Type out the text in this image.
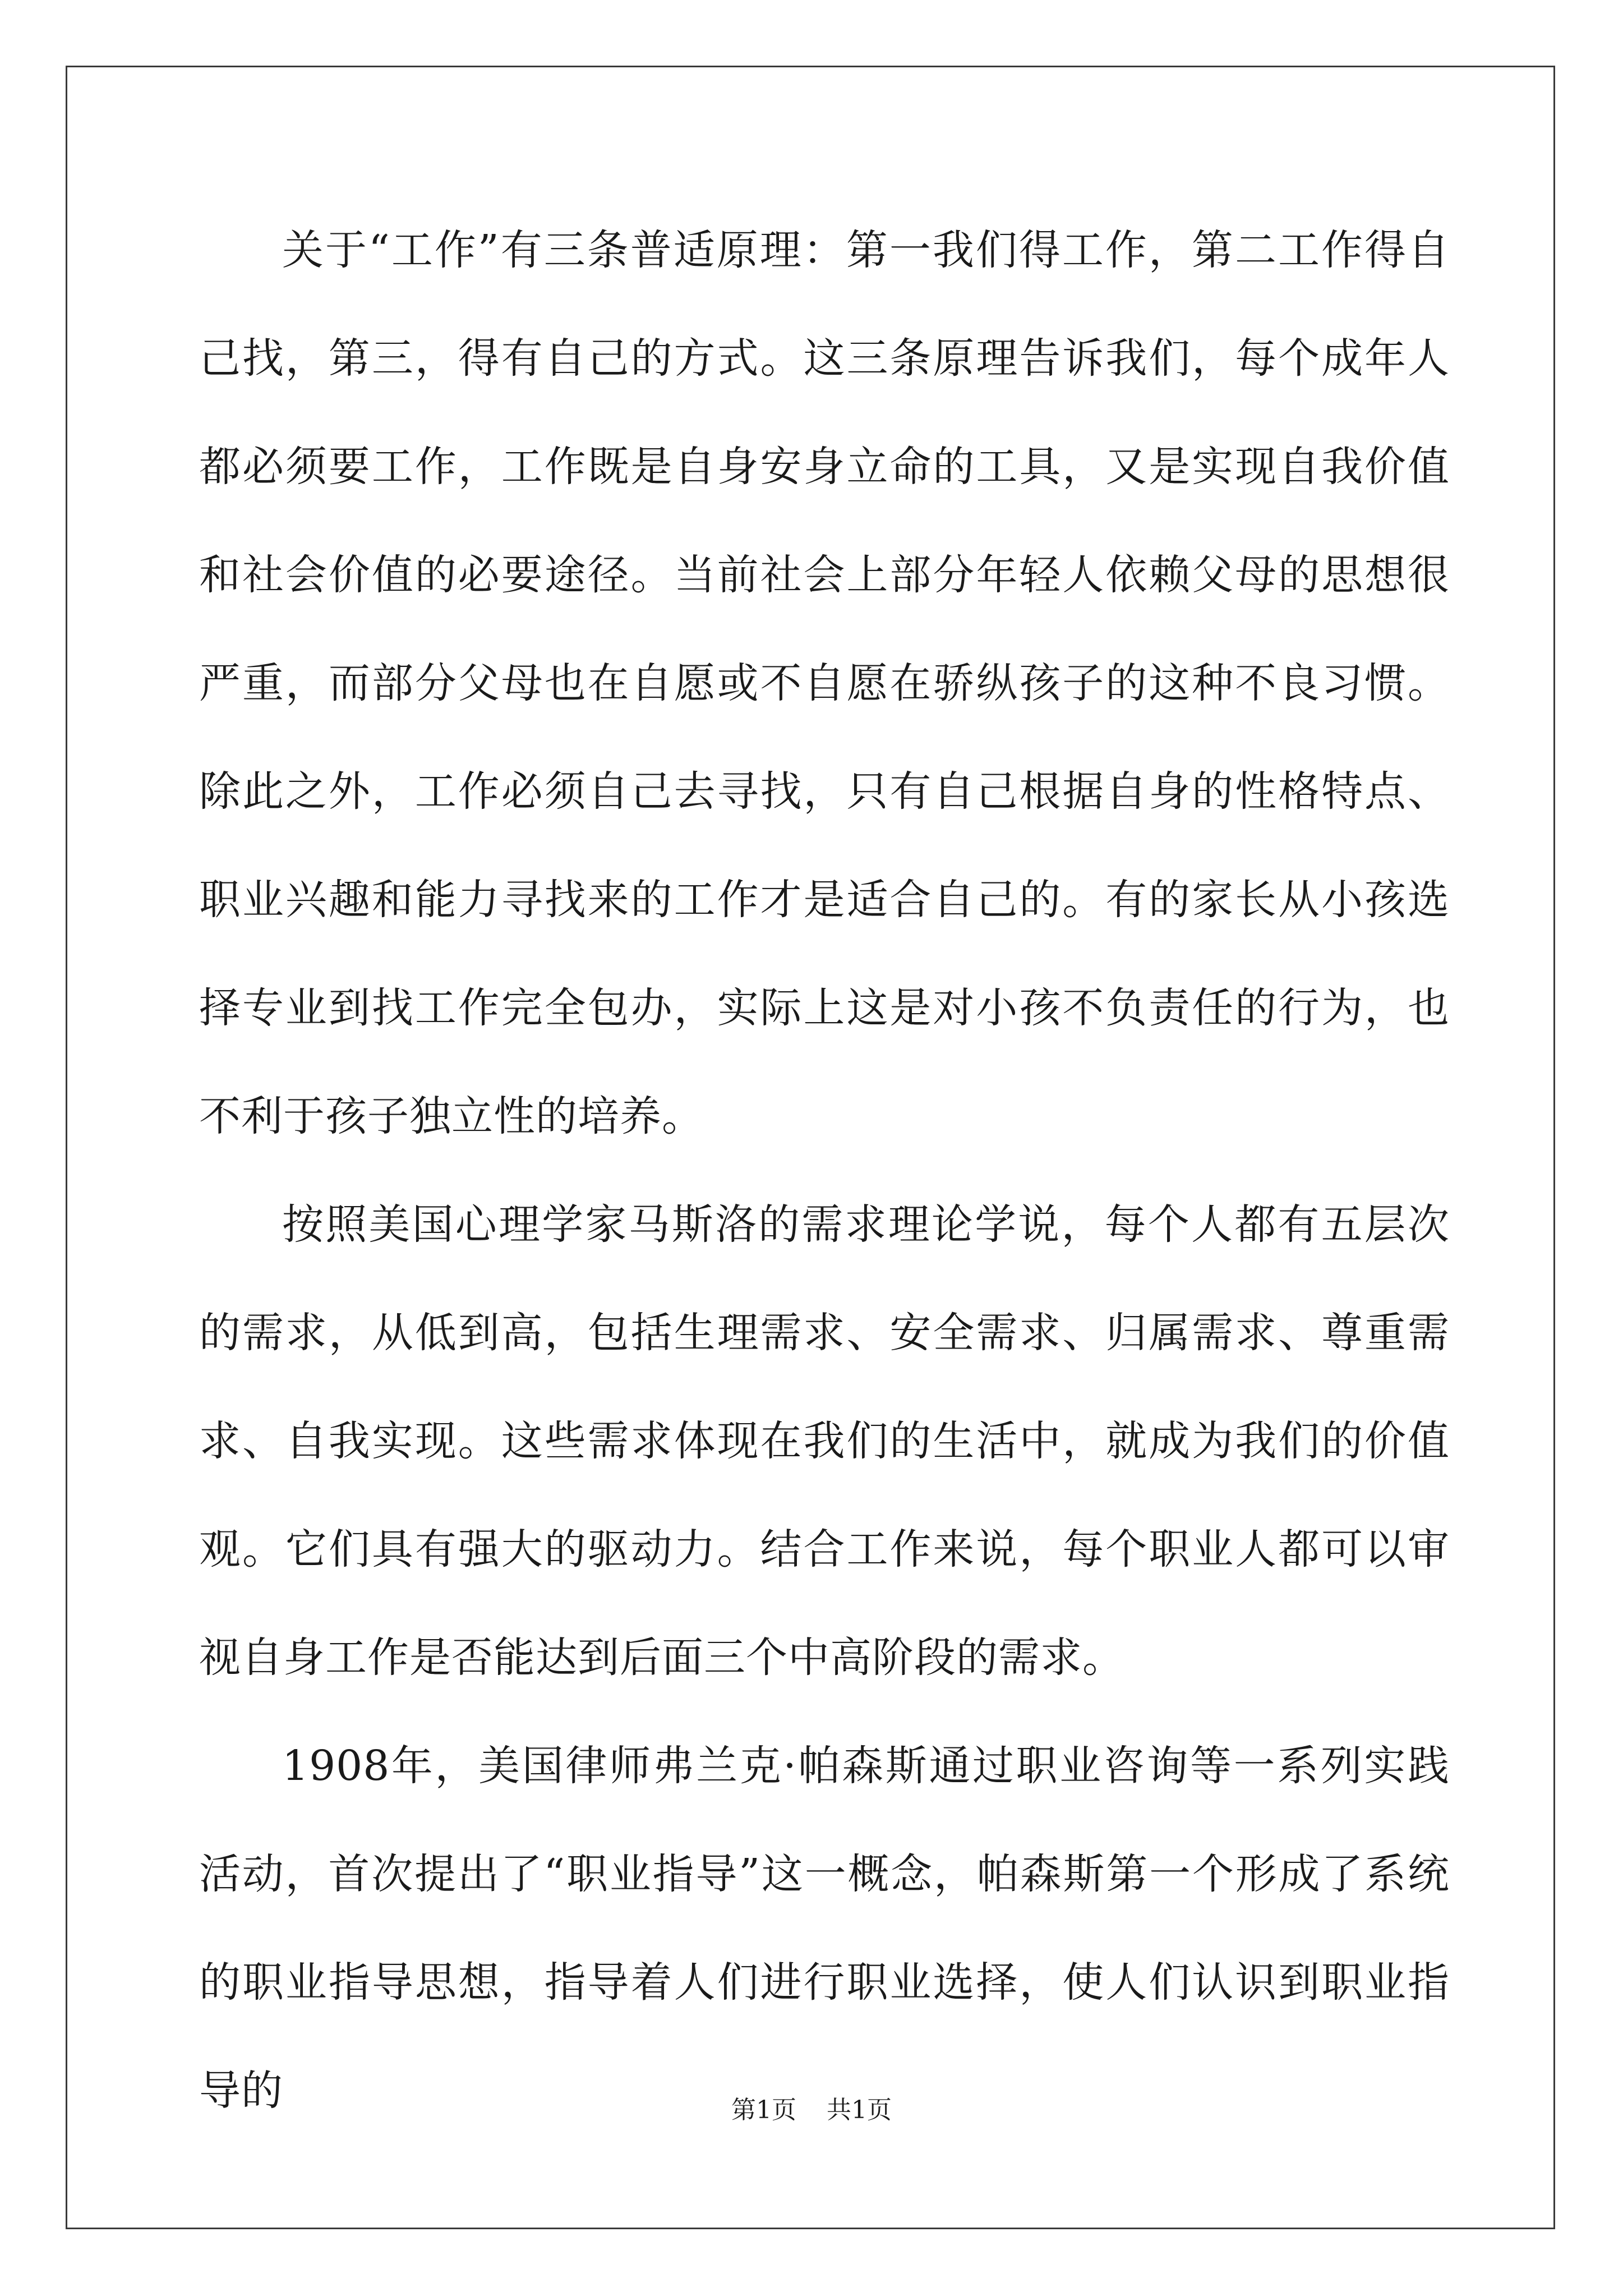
关于“工作”有三条普适原理：第一我们得工作，第二工作得自己找，第三，得有自己的方式。这三条原理告诉我们，每个成年人都必须要工作，工作既是自身安身立命的工具，又是实现自我价值和社会价值的必要途径。当前社会上部分年轻人依赖父母的思想很严重，而部分父母也在自愿或不自愿在骄纵孩子的这种不良习惯。除此之外，工作必须自己去寻找，只有自己根据自身的性格特点、职业兴趣和能力寻找来的工作才是适合自己的。有的家长从小孩选择专业到找工作完全包办，实际上这是对小孩不负责任的行为，也不利于孩子独立性的培养。

按照美国心理学家马斯洛的需求理论学说，每个人都有五层次的需求，从低到高，包括生理需求、安全需求、归属需求、尊重需求、自我实现。这些需求体现在我们的生活中，就成为我们的价值观。它们具有强大的驱动力。结合工作来说，每个职业人都可以审视自身工作是否能达到后面三个中高阶段的需求。

1908年，美国律师弗兰克·帕森斯通过职业咨询等一系列实践活动，首次提出了“职业指导”这一概念，帕森斯第一个形成了系统的职业指导思想，指导着人们进行职业选择，使人们认识到职业指导的	第1页 共1页
